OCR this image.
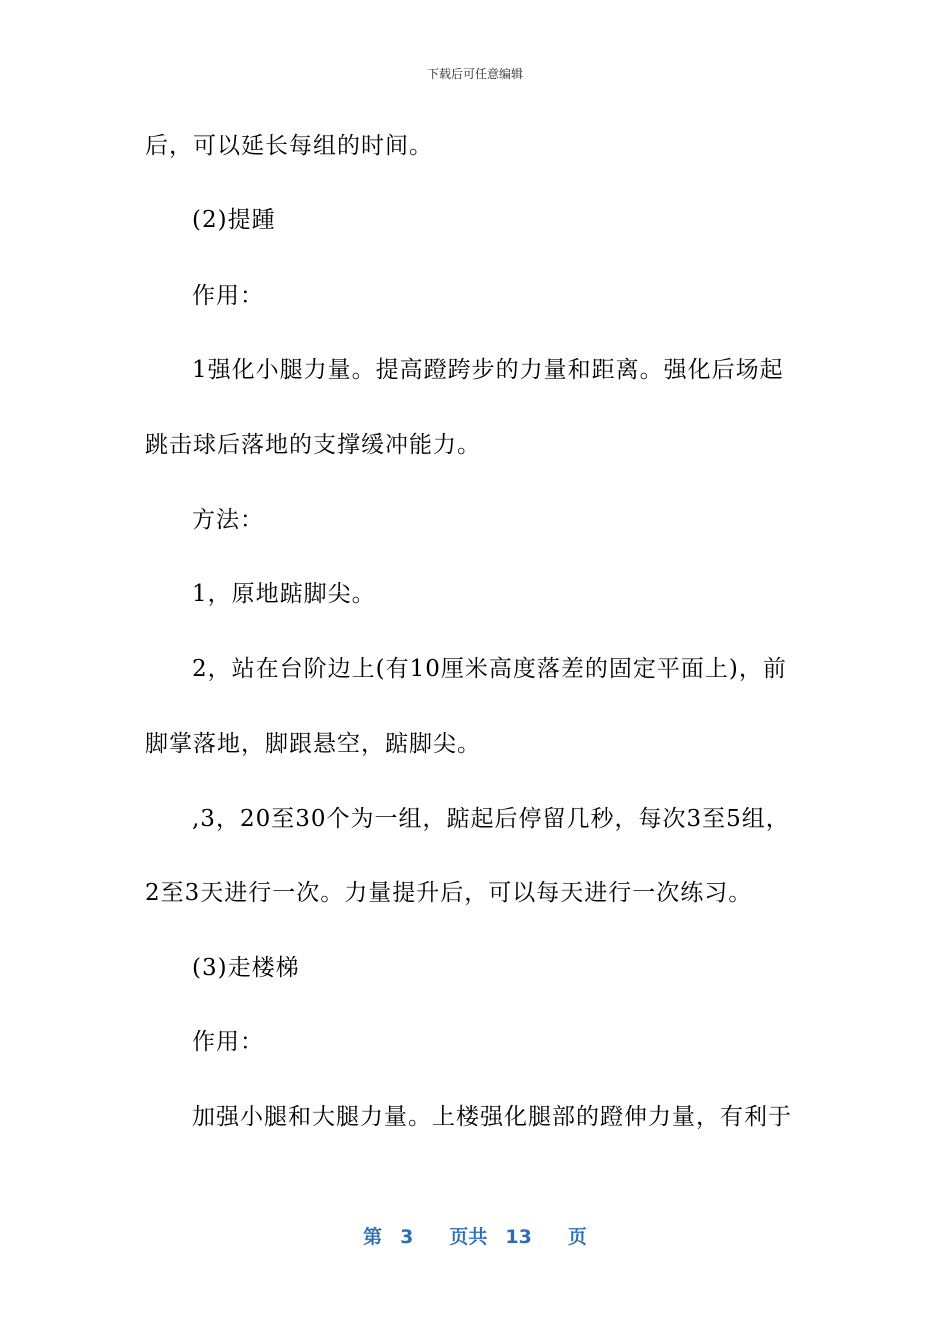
下载后可任意编辑
后，可以延长每组的时间。
(2)提踵
作用：
1强化小腿力量。提高蹬跨步的力量和距离。强化后场起
跳击球后落地的支撑缓冲能力。
方法：
1，原地踮脚尖。
2，站在台阶边上(有10厘米高度落差的固定平面上)，前
脚掌落地，脚跟悬空，踮脚尖。
,3，20至30个为一组，踮起后停留几秒，每次3至5组，
2至3天进行一次。力量提升后，可以每天进行一次练习。
(3)走楼梯
作用：
加强小腿和大腿力量。上楼强化腿部的蹬伸力量，有利于
第 3 页共 13 页
